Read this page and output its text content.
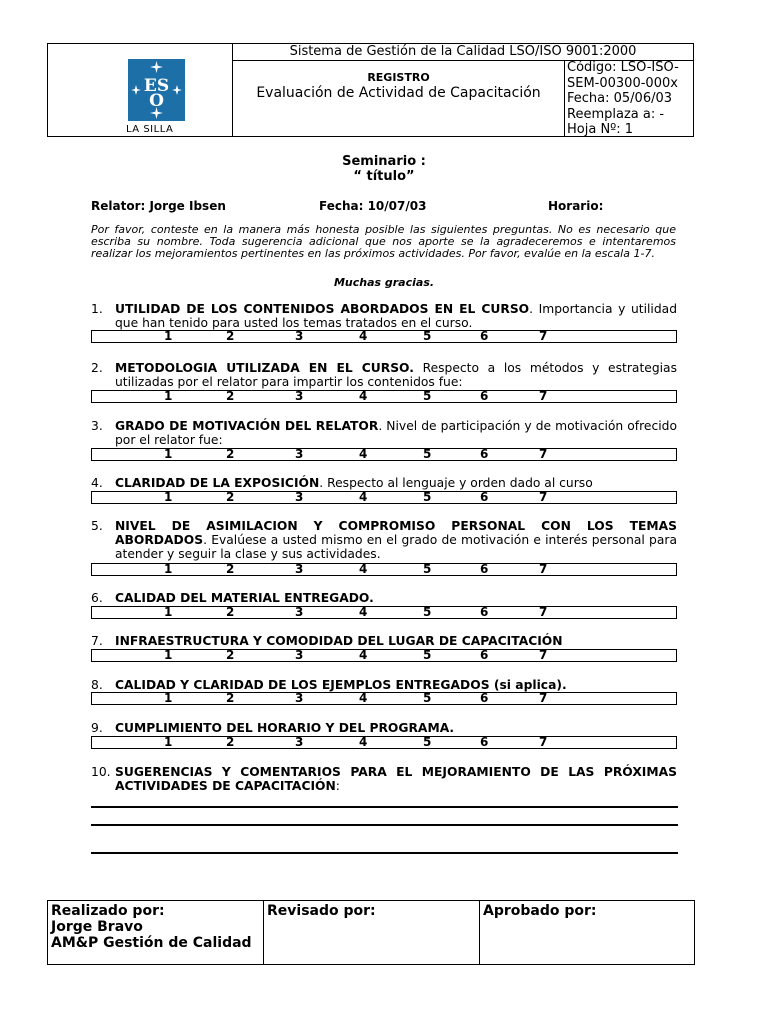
ES
O
LA SILLA
Sistema de Gestión de la Calidad LSO/ISO 9001:2000
REGISTRO
Evaluación de Actividad de Capacitación
Código: LSO-ISO-
SEM-00300-000x
Fecha: 05/06/03
Reemplaza a: -
Hoja Nº: 1
Seminario :
“ título”
Relator: Jorge Ibsen	Fecha: 10/07/03	Horario:
Por favor, conteste en la manera más honesta posible las siguientes preguntas. No es necesario que escriba su nombre. Toda sugerencia adicional que nos aporte se la agradeceremos e intentaremos realizar los mejoramientos pertinentes en las próximos actividades. Por favor, evalúe en la escala 1-7.
Muchas gracias.
1. UTILIDAD DE LOS CONTENIDOS ABORDADOS EN EL CURSO. Importancia y utilidad que han tenido para usted los temas tratados en el curso.
1	2	3	4	5	6	7
2. METODOLOGIA UTILIZADA EN EL CURSO. Respecto a los métodos y estrategias utilizadas por el relator para impartir los contenidos fue:
1	2	3	4	5	6	7
3. GRADO DE MOTIVACIÓN DEL RELATOR. Nivel de participación y de motivación ofrecido por el relator fue:
1	2	3	4	5	6	7
4. CLARIDAD DE LA EXPOSICIÓN. Respecto al lenguaje y orden dado al curso
1	2	3	4	5	6	7
5. NIVEL DE ASIMILACION Y COMPROMISO PERSONAL CON LOS TEMAS ABORDADOS. Evalúese a usted mismo en el grado de motivación e interés personal para atender y seguir la clase y sus actividades.
1	2	3	4	5	6	7
6. CALIDAD DEL MATERIAL ENTREGADO.
1	2	3	4	5	6	7
7. INFRAESTRUCTURA Y COMODIDAD DEL LUGAR DE CAPACITACIÓN
1	2	3	4	5	6	7
8. CALIDAD Y CLARIDAD DE LOS EJEMPLOS ENTREGADOS (si aplica).
1	2	3	4	5	6	7
9. CUMPLIMIENTO DEL HORARIO Y DEL PROGRAMA.
1	2	3	4	5	6	7
10. SUGERENCIAS Y COMENTARIOS PARA EL MEJORAMIENTO DE LAS PRÓXIMAS ACTIVIDADES DE CAPACITACIÓN:
Realizado por:
Jorge Bravo
AM&P Gestión de Calidad
Revisado por:	Aprobado por:
